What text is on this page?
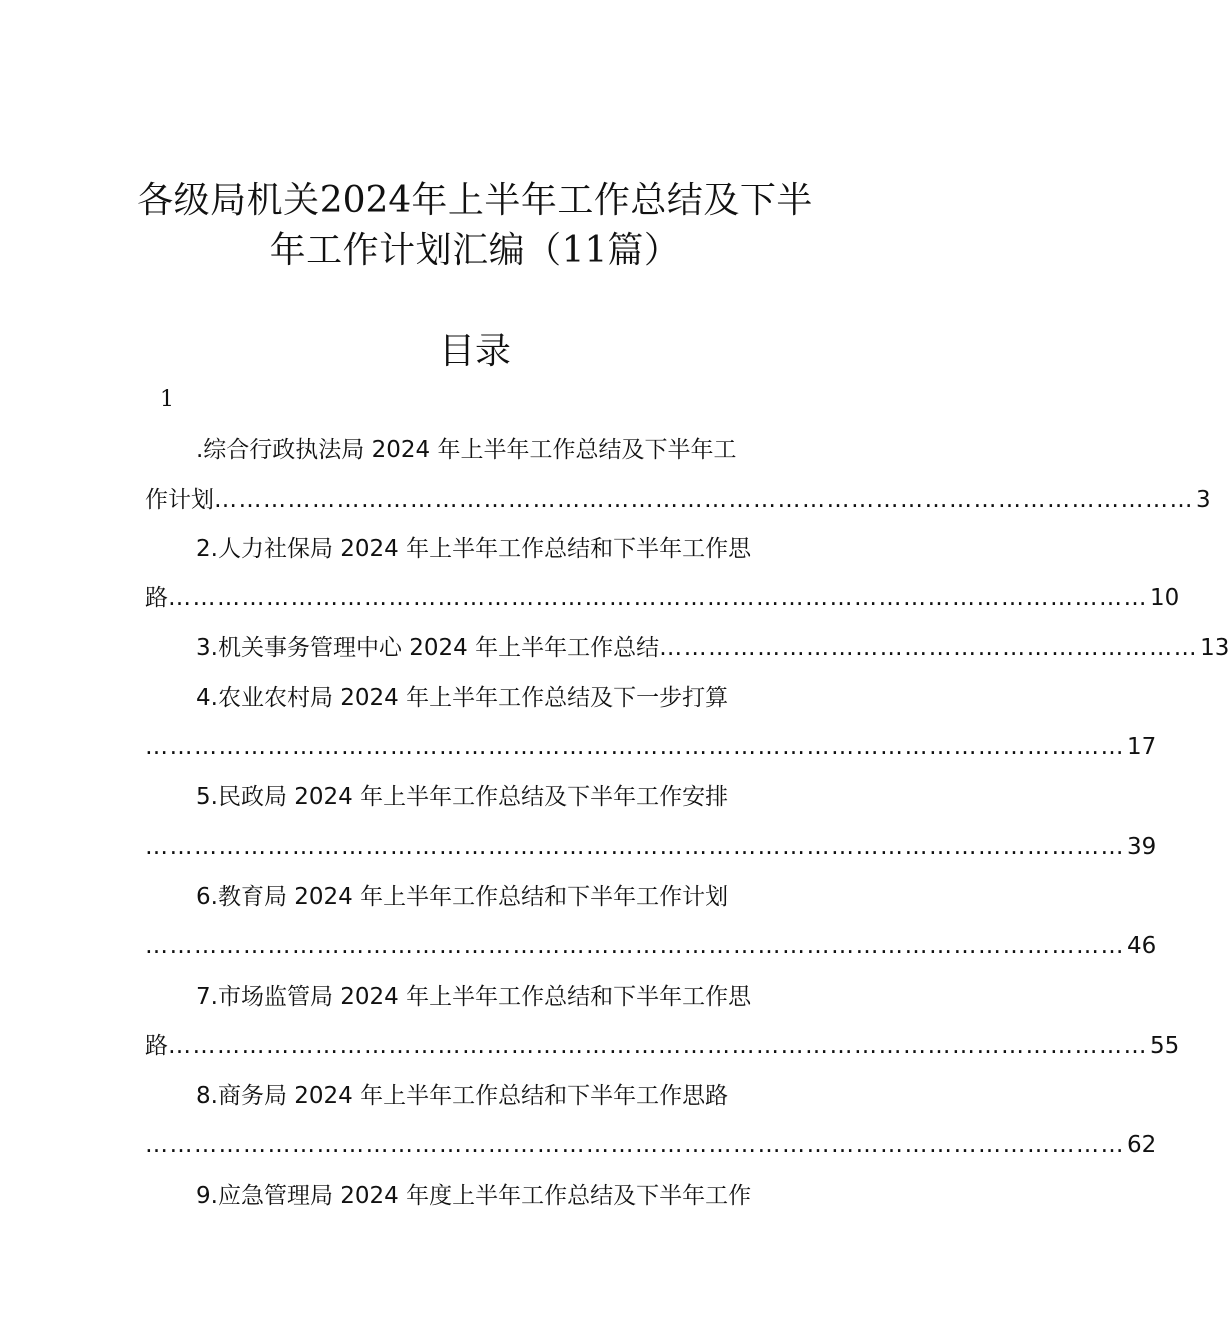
各级局机关2024年上半年工作总结及下半
年工作计划汇编（11篇）
目录
1
.综合行政执法局 2024 年上半年工作总结及下半年工
作计划 ………………………………………………………………………………………………………… 3
2.人力社保局 2024 年上半年工作总结和下半年工作思
路 ………………………………………………………………………………………………………… 10
3.机关事务管理中心 2024 年上半年工作总结 ………………………………………………………… 13
4.农业农村局 2024 年上半年工作总结及下一步打算
………………………………………………………………………………………………………… 17
5.民政局 2024 年上半年工作总结及下半年工作安排
………………………………………………………………………………………………………… 39
6.教育局 2024 年上半年工作总结和下半年工作计划
………………………………………………………………………………………………………… 46
7.市场监管局 2024 年上半年工作总结和下半年工作思
路 ………………………………………………………………………………………………………… 55
8.商务局 2024 年上半年工作总结和下半年工作思路
………………………………………………………………………………………………………… 62
9.应急管理局 2024 年度上半年工作总结及下半年工作
